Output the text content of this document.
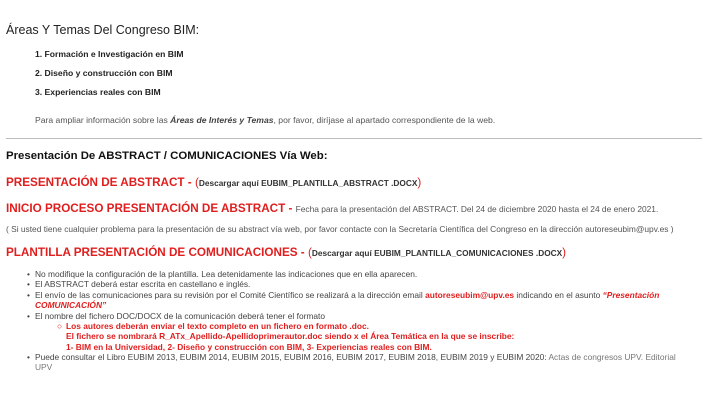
Áreas Y Temas Del Congreso BIM:
1. Formación e Investigación en BIM
2. Diseño y construcción con BIM
3. Experiencias reales con BIM
Para ampliar información sobre las Áreas de Interés y Temas, por favor, diríjase al apartado correspondiente de la web.
Presentación De ABSTRACT / COMUNICACIONES Vía Web:
PRESENTACIÓN DE ABSTRACT - (Descargar aquí EUBIM_PLANTILLA_ABSTRACT .DOCX)
INICIO PROCESO PRESENTACIÓN DE ABSTRACT - Fecha para la presentación del ABSTRACT. Del 24 de diciembre 2020 hasta el 24 de enero 2021.
( Si usted tiene cualquier problema para la presentación de su abstract vía web, por favor contacte con la Secretaría Científica del Congreso en la dirección autoreseubim@upv.es )
PLANTILLA PRESENTACIÓN DE COMUNICACIONES - (Descargar aquí EUBIM_PLANTILLA_COMUNICACIONES .DOCX)
• No modifique la configuración de la plantilla. Lea detenidamente las indicaciones que en ella aparecen.
• El ABSTRACT deberá estar escrita en castellano e inglés.
• El envío de las comunicaciones para su revisión por el Comité Científico se realizará a la dirección email autoreseubim@upv.es indicando en el asunto “Presentación
COMUNICACIÓN”
• El nombre del fichero DOC/DOCX de la comunicación deberá tener el formato
○ Los autores deberán enviar el texto completo en un fichero en formato .doc.
El fichero se nombrará R_ATx_Apellido-Apellidoprimerautor.doc siendo x el Área Temática en la que se inscribe:
1- BIM en la Universidad, 2- Diseño y construcción con BIM, 3- Experiencias reales con BIM.
• Puede consultar el Libro EUBIM 2013, EUBIM 2014, EUBIM 2015, EUBIM 2016, EUBIM 2017, EUBIM 2018, EUBIM 2019 y EUBIM 2020: Actas de congresos UPV. Editorial
UPV
